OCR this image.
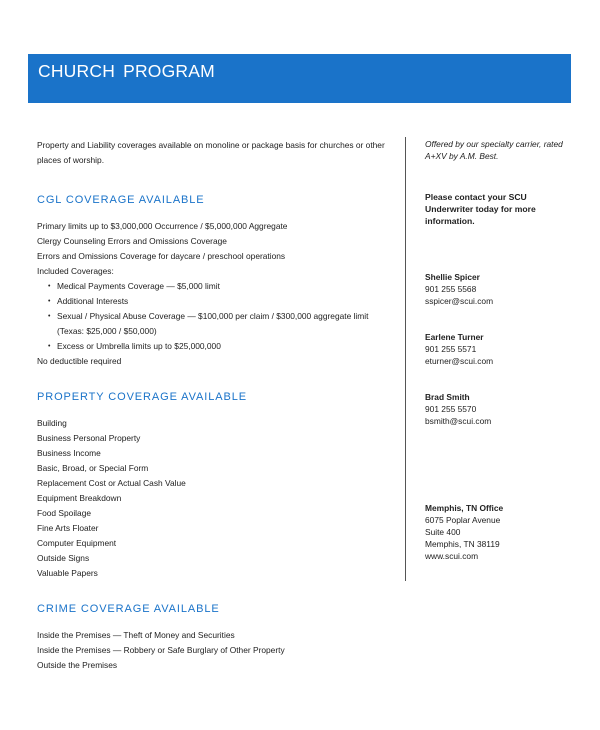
CHURCH PROGRAM

Property and Liability coverages available on monoline or package basis for churches or other places of worship.

CGL COVERAGE AVAILABLE
Primary limits up to $3,000,000 Occurrence / $5,000,000 Aggregate
Clergy Counseling Errors and Omissions Coverage
Errors and Omissions Coverage for daycare / preschool operations
Included Coverages:
• Medical Payments Coverage — $5,000 limit
• Additional Interests
• Sexual / Physical Abuse Coverage — $100,000 per claim / $300,000 aggregate limit (Texas: $25,000 / $50,000)
• Excess or Umbrella limits up to $25,000,000
No deductible required
PROPERTY COVERAGE AVAILABLE
Building
Business Personal Property
Business Income
Basic, Broad, or Special Form
Replacement Cost or Actual Cash Value
Equipment Breakdown
Food Spoilage
Fine Arts Floater
Computer Equipment
Outside Signs
Valuable Papers
CRIME COVERAGE AVAILABLE
Inside the Premises — Theft of Money and Securities
Inside the Premises — Robbery or Safe Burglary of Other Property
Outside the Premises

Offered by our specialty carrier, rated A+XV by A.M. Best.

Please contact your SCU Underwriter today for more information.

Shellie Spicer
901 255 5568
sspicer@scui.com
Earlene Turner
901 255 5571
eturner@scui.com
Brad Smith
901 255 5570
bsmith@scui.com
Memphis, TN Office
6075 Poplar Avenue
Suite 400
Memphis, TN 38119
www.scui.com
